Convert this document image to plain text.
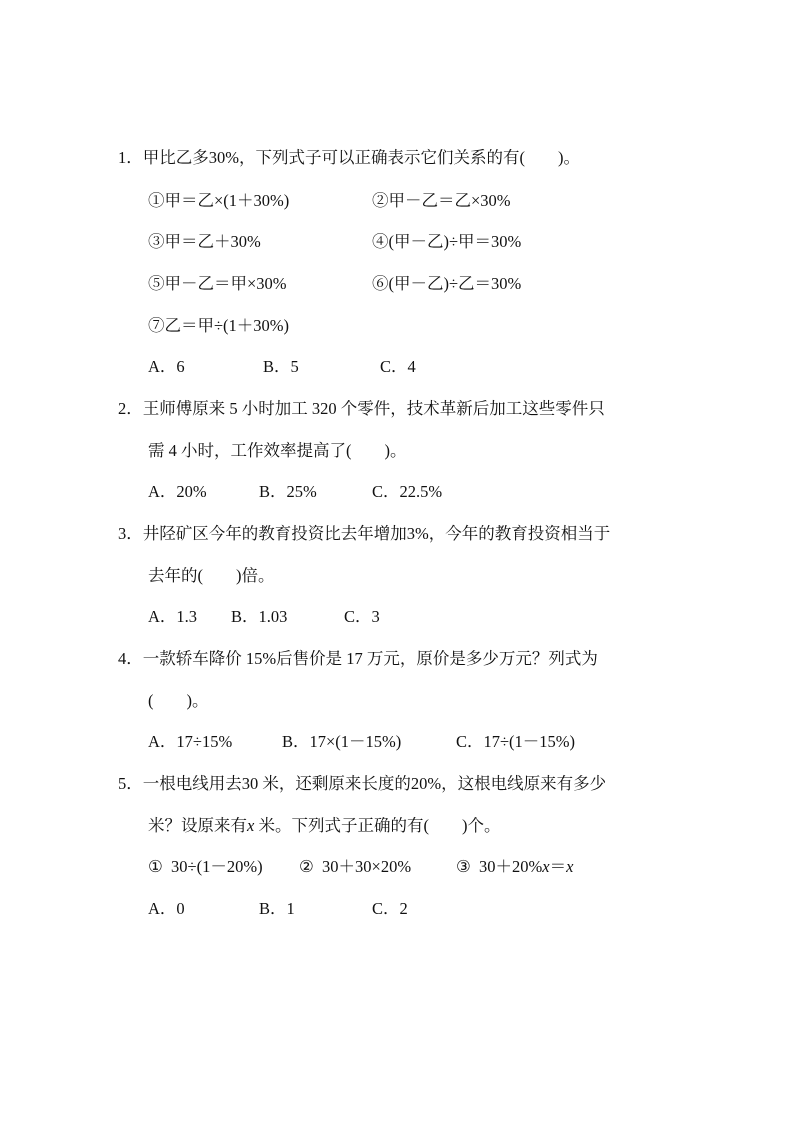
1．甲比乙多30%，下列式子可以正确表示它们关系的有(　　)。
①甲＝乙×(1＋30%)	②甲－乙＝乙×30%
③甲＝乙＋30%	④(甲－乙)÷甲＝30%
⑤甲－乙＝甲×30%	⑥(甲－乙)÷乙＝30%
⑦乙＝甲÷(1＋30%)
A．6	B．5	C．4
2．王师傅原来 5 小时加工 320 个零件，技术革新后加工这些零件只
需 4 小时，工作效率提高了(　　)。
A．20%	B．25%	C．22.5%
3．井陉矿区今年的教育投资比去年增加3%，今年的教育投资相当于
去年的(　　)倍。
A．1.3 B．1.03	C．3
4．一款轿车降价 15%后售价是 17 万元，原价是多少万元？列式为
(　　)。
A．17÷15%	B．17×(1－15%)	C．17÷(1－15%)
5．一根电线用去30 米，还剩原来长度的20%，这根电线原来有多少
米？设原来有x 米。下列式子正确的有(　　)个。
①  30÷(1－20%) ②  30＋30×20%	③  30＋20%x＝x
A．0	B．1	C．2
